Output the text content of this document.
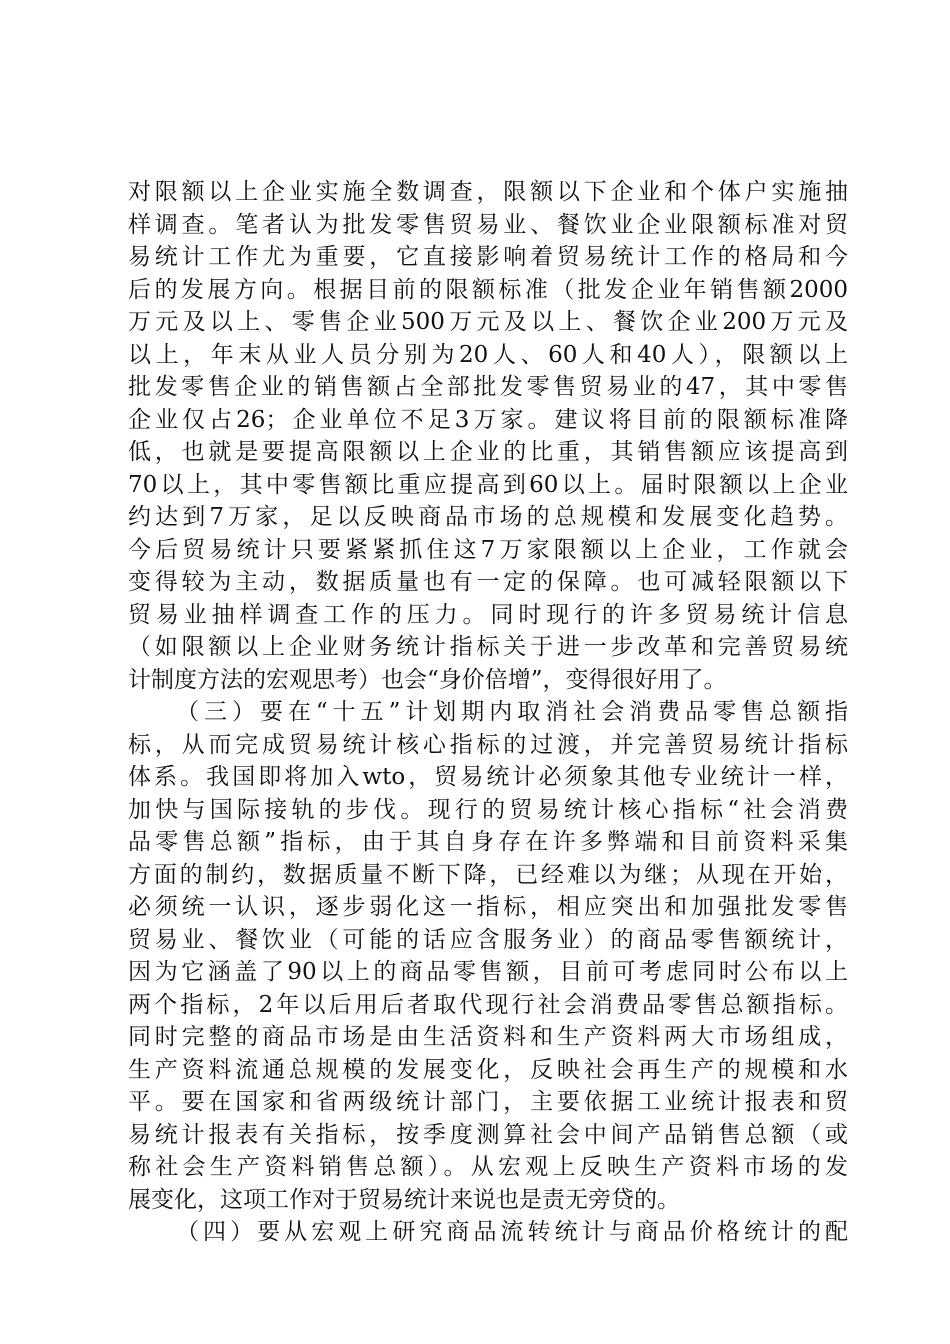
对限额以上企业实施全数调查，限额以下企业和个体户实施抽
样调查。笔者认为批发零售贸易业、餐饮业企业限额标准对贸
易统计工作尤为重要，它直接影响着贸易统计工作的格局和今
后的发展方向。根据目前的限额标准（批发企业年销售额2000
万元及以上、零售企业500万元及以上、餐饮企业200万元及
以上，年末从业人员分别为20人、60人和40人），限额以上
批发零售企业的销售额占全部批发零售贸易业的47，其中零售
企业仅占26；企业单位不足3万家。建议将目前的限额标准降
低，也就是要提高限额以上企业的比重，其销售额应该提高到
70以上，其中零售额比重应提高到60以上。届时限额以上企业
约达到7万家，足以反映商品市场的总规模和发展变化趋势。
今后贸易统计只要紧紧抓住这7万家限额以上企业，工作就会
变得较为主动，数据质量也有一定的保障。也可减轻限额以下
贸易业抽样调查工作的压力。同时现行的许多贸易统计信息
（如限额以上企业财务统计指标关于进一步改革和完善贸易统
计制度方法的宏观思考）也会“身价倍增”，变得很好用了。
（三）要在“十五”计划期内取消社会消费品零售总额指
标，从而完成贸易统计核心指标的过渡，并完善贸易统计指标
体系。我国即将加入wto，贸易统计必须象其他专业统计一样，
加快与国际接轨的步伐。现行的贸易统计核心指标“社会消费
品零售总额”指标，由于其自身存在许多弊端和目前资料采集
方面的制约，数据质量不断下降，已经难以为继；从现在开始，
必须统一认识，逐步弱化这一指标，相应突出和加强批发零售
贸易业、餐饮业（可能的话应含服务业）的商品零售额统计，
因为它涵盖了90以上的商品零售额，目前可考虑同时公布以上
两个指标，2年以后用后者取代现行社会消费品零售总额指标。
同时完整的商品市场是由生活资料和生产资料两大市场组成，
生产资料流通总规模的发展变化，反映社会再生产的规模和水
平。要在国家和省两级统计部门，主要依据工业统计报表和贸
易统计报表有关指标，按季度测算社会中间产品销售总额（或
称社会生产资料销售总额）。从宏观上反映生产资料市场的发
展变化，这项工作对于贸易统计来说也是责无旁贷的。
（四）要从宏观上研究商品流转统计与商品价格统计的配
